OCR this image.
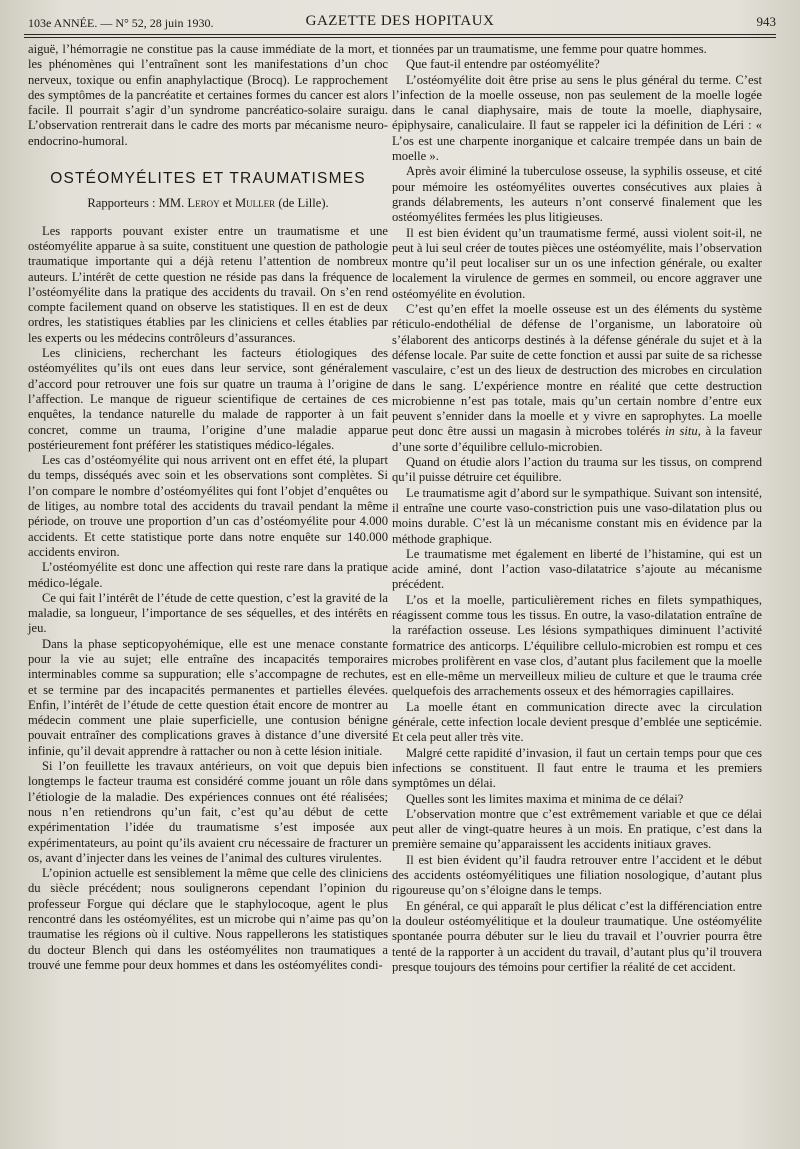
103e ANNÉE. — N° 52, 28 juin 1930.	GAZETTE DES HOPITAUX	943

aiguë, l’hémorragie ne constitue pas la cause immédiate de la mort, et les phénomènes qui l’entraînent sont les manifestations d’un choc nerveux, toxique ou enfin anaphylactique (Brocq). Le rapprochement des symptômes de la pancréatite et certaines formes du cancer est alors facile. Il pourrait s’agir d’un syndrome pancréatico-solaire suraigu. L’observation rentrerait dans le cadre des morts par mécanisme neuro-endocrino-humoral.

OSTÉOMYÉLITES ET TRAUMATISMES
Rapporteurs : MM. Leroy et Muller (de Lille).

Les rapports pouvant exister entre un traumatisme et une ostéomyélite apparue à sa suite, constituent une question de pathologie traumatique importante qui a déjà retenu l’attention de nombreux auteurs. L’intérêt de cette question ne réside pas dans la fréquence de l’ostéomyélite dans la pratique des accidents du travail. On s’en rend compte facilement quand on observe les statistiques. Il en est de deux ordres, les statistiques établies par les cliniciens et celles établies par les experts ou les médecins contrôleurs d’assurances.

Les cliniciens, recherchant les facteurs étiologiques des ostéomyélites qu’ils ont eues dans leur service, sont généralement d’accord pour retrouver une fois sur quatre un trauma à l’origine de l’affection. Le manque de rigueur scientifique de certaines de ces enquêtes, la tendance naturelle du malade de rapporter à un fait concret, comme un trauma, l’origine d’une maladie apparue postérieurement font préférer les statistiques médico-légales.

Les cas d’ostéomyélite qui nous arrivent ont en effet été, la plupart du temps, disséqués avec soin et les observations sont complètes. Si l’on compare le nombre d’ostéomyélites qui font l’objet d’enquêtes ou de litiges, au nombre total des accidents du travail pendant la même période, on trouve une proportion d’un cas d’ostéomyélite pour 4.000 accidents. Et cette statistique porte dans notre enquête sur 140.000 accidents environ.

L’ostéomyélite est donc une affection qui reste rare dans la pratique médico-légale.

Ce qui fait l’intérêt de l’étude de cette question, c’est la gravité de la maladie, sa longueur, l’importance de ses séquelles, et des intérêts en jeu.

Dans la phase septicopyohémique, elle est une menace constante pour la vie au sujet; elle entraîne des incapacités temporaires interminables comme sa suppuration; elle s’accompagne de rechutes, et se termine par des incapacités permanentes et partielles élevées. Enfin, l’intérêt de l’étude de cette question était encore de montrer au médecin comment une plaie superficielle, une contusion bénigne pouvait entraîner des complications graves à distance d’une diversité infinie, qu’il devait apprendre à rattacher ou non à cette lésion initiale.

Si l’on feuillette les travaux antérieurs, on voit que depuis bien longtemps le facteur trauma est considéré comme jouant un rôle dans l’étiologie de la maladie. Des expériences connues ont été réalisées; nous n’en retiendrons qu’un fait, c’est qu’au début de cette expérimentation l’idée du traumatisme s’est imposée aux expérimentateurs, au point qu’ils avaient cru nécessaire de fracturer un os, avant d’injecter dans les veines de l’animal des cultures virulentes.

L’opinion actuelle est sensiblement la même que celle des cliniciens du siècle précédent; nous soulignerons cependant l’opinion du professeur Forgue qui déclare que le staphylocoque, agent le plus rencontré dans les ostéomyélites, est un microbe qui n’aime pas qu’on traumatise les régions où il cultive. Nous rappellerons les statistiques du docteur Blench qui dans les ostéomyélites non traumatiques a trouvé une femme pour deux hommes et dans les ostéomyélites condi-

tionnées par un traumatisme, une femme pour quatre hommes.

Que faut-il entendre par ostéomyélite?

L’ostéomyélite doit être prise au sens le plus général du terme. C’est l’infection de la moelle osseuse, non pas seulement de la moelle logée dans le canal diaphysaire, mais de toute la moelle, diaphysaire, épiphysaire, canaliculaire. Il faut se rappeler ici la définition de Léri : « L’os est une charpente inorganique et calcaire trempée dans un bain de moelle ».

Après avoir éliminé la tuberculose osseuse, la syphilis osseuse, et cité pour mémoire les ostéomyélites ouvertes consécutives aux plaies à grands délabrements, les auteurs n’ont conservé finalement que les ostéomyélites fermées les plus litigieuses.

Il est bien évident qu’un traumatisme fermé, aussi violent soit-il, ne peut à lui seul créer de toutes pièces une ostéomyélite, mais l’observation montre qu’il peut localiser sur un os une infection générale, ou exalter localement la virulence de germes en sommeil, ou encore aggraver une ostéomyélite en évolution.

C’est qu’en effet la moelle osseuse est un des éléments du système réticulo-endothélial de défense de l’organisme, un laboratoire où s’élaborent des anticorps destinés à la défense générale du sujet et à la défense locale. Par suite de cette fonction et aussi par suite de sa richesse vasculaire, c’est un des lieux de destruction des microbes en circulation dans le sang. L’expérience montre en réalité que cette destruction microbienne n’est pas totale, mais qu’un certain nombre d’entre eux peuvent s’ennider dans la moelle et y vivre en saprophytes. La moelle peut donc être aussi un magasin à microbes tolérés in situ, à la faveur d’une sorte d’équilibre cellulo-microbien.

Quand on étudie alors l’action du trauma sur les tissus, on comprend qu’il puisse détruire cet équilibre.

Le traumatisme agit d’abord sur le sympathique. Suivant son intensité, il entraîne une courte vaso-constriction puis une vaso-dilatation plus ou moins durable. C’est là un mécanisme constant mis en évidence par la méthode graphique.

Le traumatisme met également en liberté de l’histamine, qui est un acide aminé, dont l’action vaso-dilatatrice s’ajoute au mécanisme précédent.

L’os et la moelle, particulièrement riches en filets sympathiques, réagissent comme tous les tissus. En outre, la vaso-dilatation entraîne de la raréfaction osseuse. Les lésions sympathiques diminuent l’activité formatrice des anticorps. L’équilibre cellulo-microbien est rompu et ces microbes prolifèrent en vase clos, d’autant plus facilement que la moelle est en elle-même un merveilleux milieu de culture et que le trauma crée quelquefois des arrachements osseux et des hémorragies capillaires.

La moelle étant en communication directe avec la circulation générale, cette infection locale devient presque d’emblée une septicémie. Et cela peut aller très vite.

Malgré cette rapidité d’invasion, il faut un certain temps pour que ces infections se constituent. Il faut entre le trauma et les premiers symptômes un délai.

Quelles sont les limites maxima et minima de ce délai?

L’observation montre que c’est extrêmement variable et que ce délai peut aller de vingt-quatre heures à un mois. En pratique, c’est dans la première semaine qu’apparaissent les accidents initiaux graves.

Il est bien évident qu’il faudra retrouver entre l’accident et le début des accidents ostéomyélitiques une filiation nosologique, d’autant plus rigoureuse qu’on s’éloigne dans le temps.

En général, ce qui apparaît le plus délicat c’est la différenciation entre la douleur ostéomyélitique et la douleur traumatique. Une ostéomyélite spontanée pourra débuter sur le lieu du travail et l’ouvrier pourra être tenté de la rapporter à un accident du travail, d’autant plus qu’il trouvera presque toujours des témoins pour certifier la réalité de cet accident.
